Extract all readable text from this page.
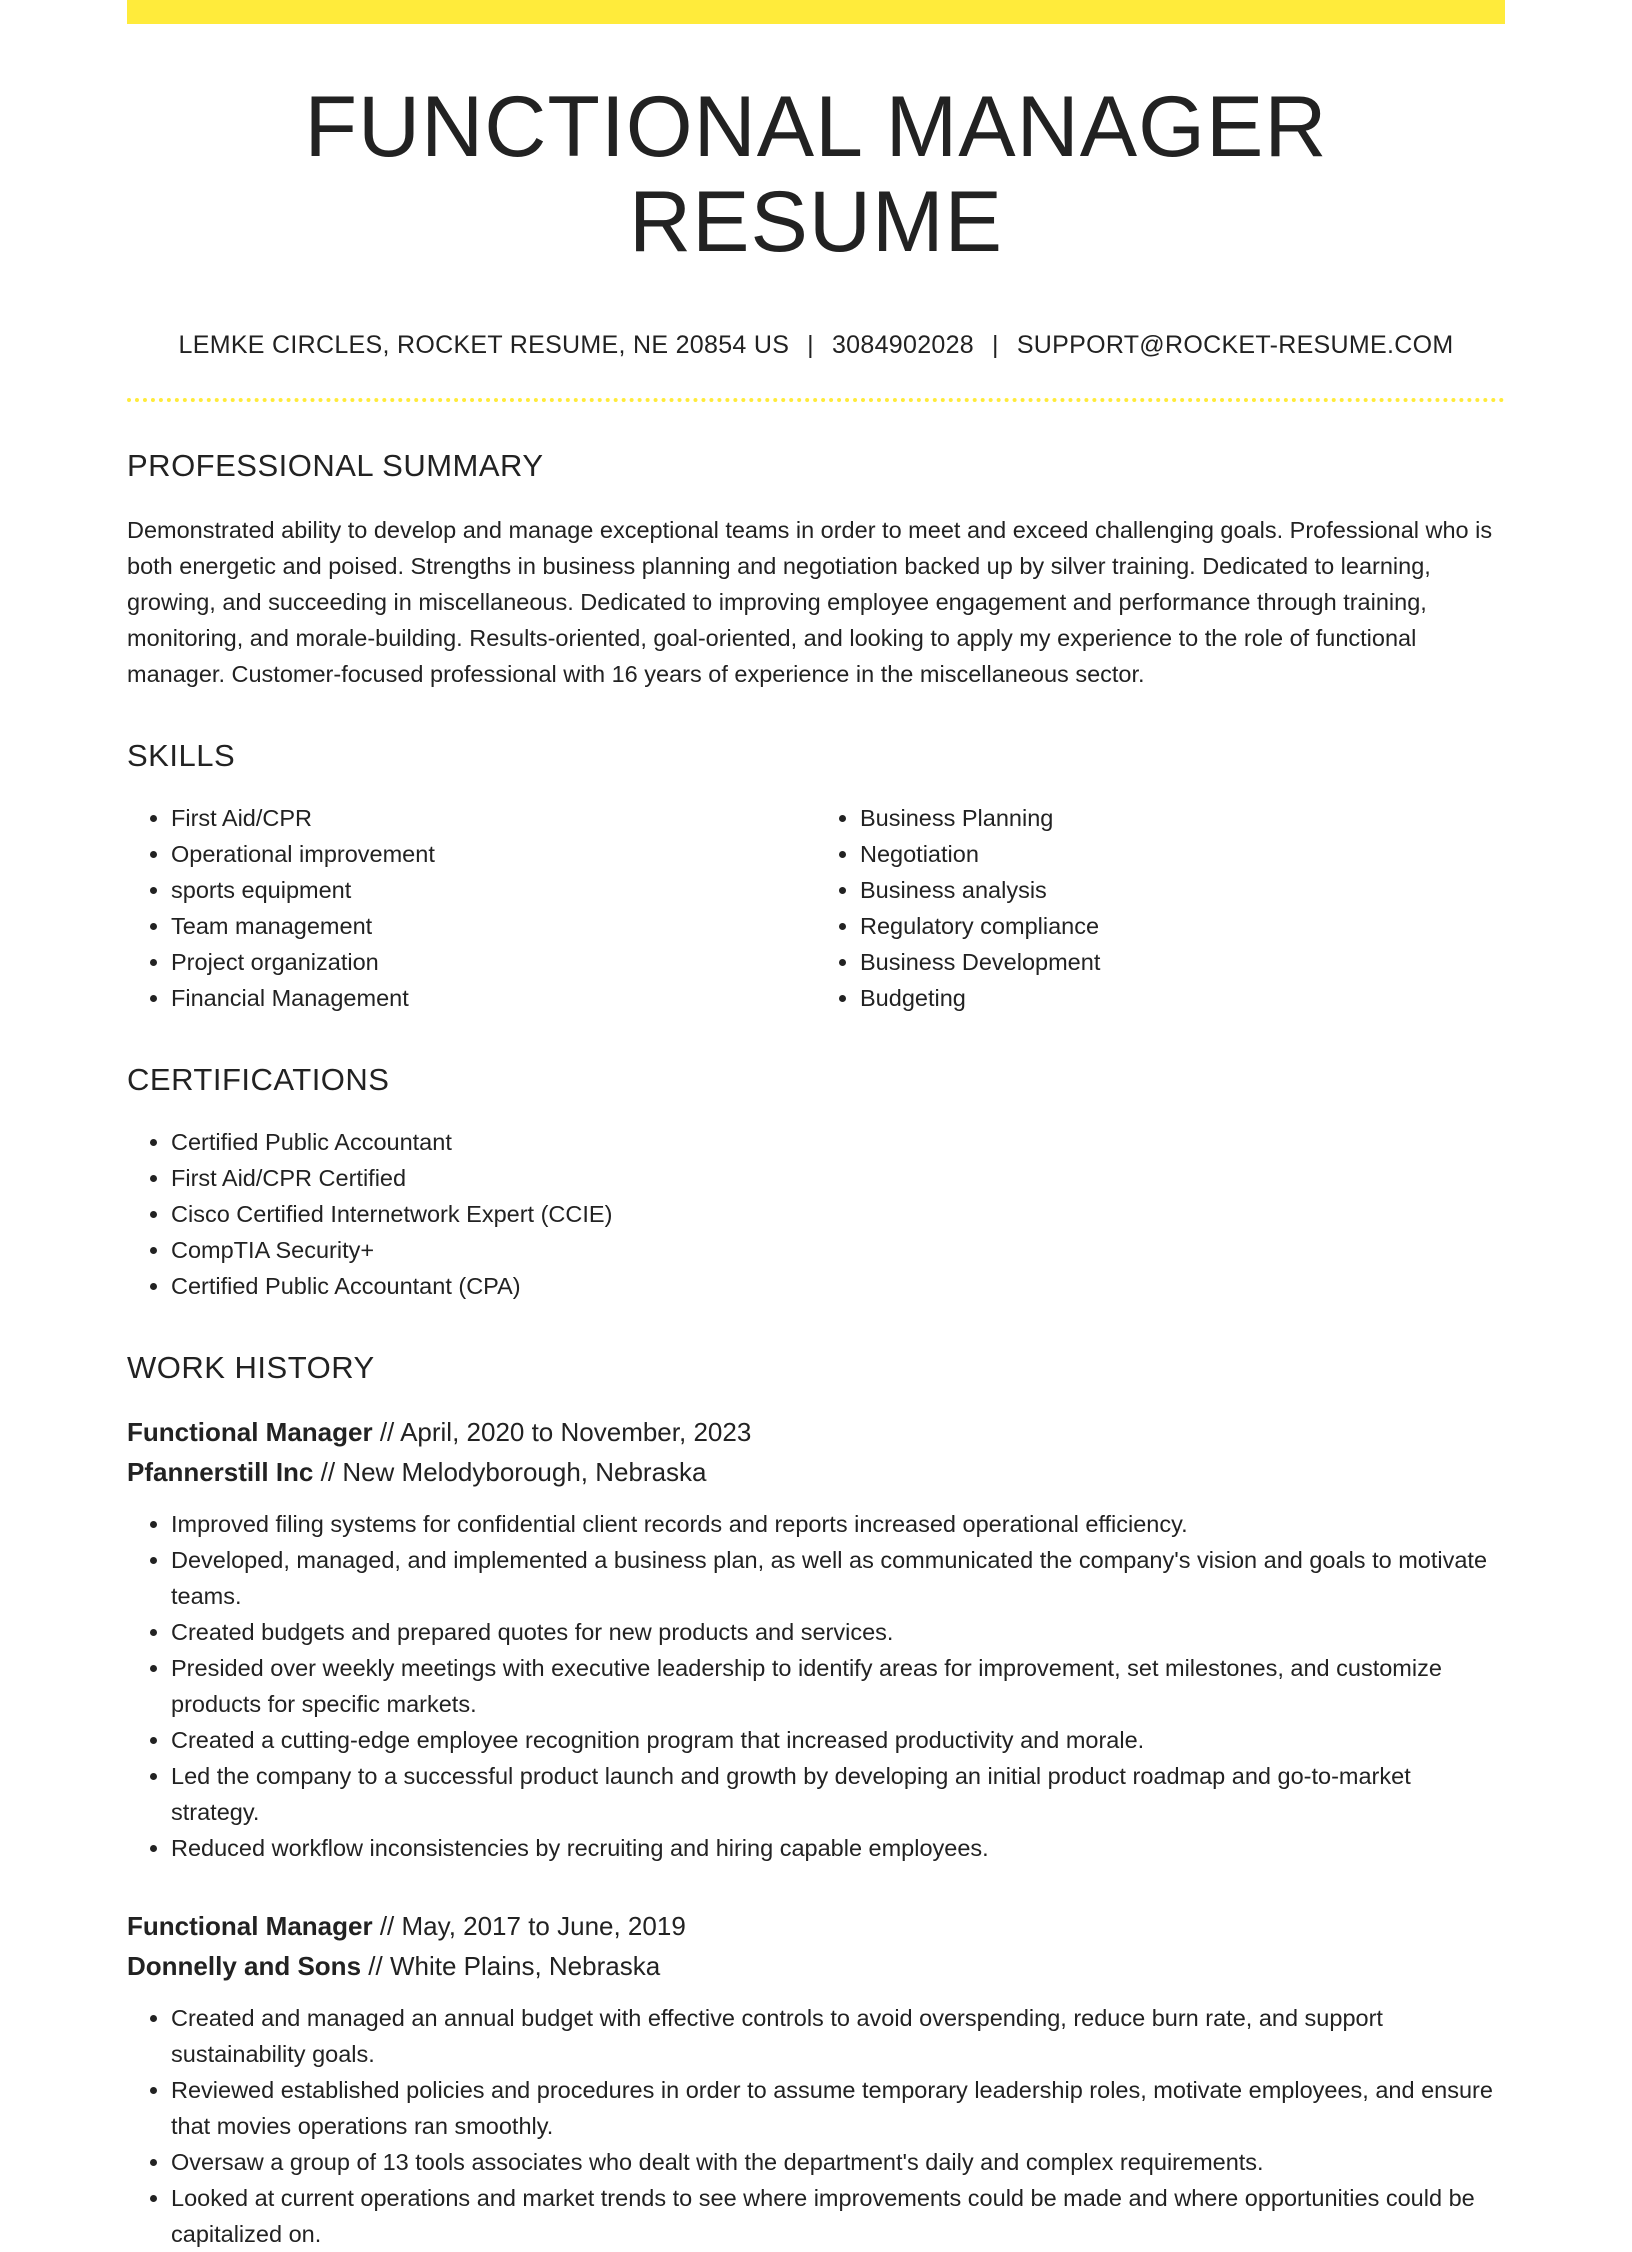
FUNCTIONAL MANAGER RESUME
LEMKE CIRCLES, ROCKET RESUME, NE 20854 US | 3084902028 | SUPPORT@ROCKET-RESUME.COM
PROFESSIONAL SUMMARY

Demonstrated ability to develop and manage exceptional teams in order to meet and exceed challenging goals. Professional who is both energetic and poised. Strengths in business planning and negotiation backed up by silver training. Dedicated to learning, growing, and succeeding in miscellaneous. Dedicated to improving employee engagement and performance through training, monitoring, and morale-building. Results-oriented, goal-oriented, and looking to apply my experience to the role of functional manager. Customer-focused professional with 16 years of experience in the miscellaneous sector.

SKILLS
• First Aid/CPR
• Operational improvement
• sports equipment
• Team management
• Project organization
• Financial Management
• Business Planning
• Negotiation
• Business analysis
• Regulatory compliance
• Business Development
• Budgeting
CERTIFICATIONS
• Certified Public Accountant
• First Aid/CPR Certified
• Cisco Certified Internetwork Expert (CCIE)
• CompTIA Security+
• Certified Public Accountant (CPA)
WORK HISTORY
Functional Manager // April, 2020 to November, 2023
Pfannerstill Inc // New Melodyborough, Nebraska
• Improved filing systems for confidential client records and reports increased operational efficiency.
• Developed, managed, and implemented a business plan, as well as communicated the company's vision and goals to motivate teams.
• Created budgets and prepared quotes for new products and services.
• Presided over weekly meetings with executive leadership to identify areas for improvement, set milestones, and customize products for specific markets.
• Created a cutting-edge employee recognition program that increased productivity and morale.
• Led the company to a successful product launch and growth by developing an initial product roadmap and go-to-market strategy.
• Reduced workflow inconsistencies by recruiting and hiring capable employees.
Functional Manager // May, 2017 to June, 2019
Donnelly and Sons // White Plains, Nebraska
• Created and managed an annual budget with effective controls to avoid overspending, reduce burn rate, and support sustainability goals.
• Reviewed established policies and procedures in order to assume temporary leadership roles, motivate employees, and ensure that movies operations ran smoothly.
• Oversaw a group of 13 tools associates who dealt with the department's daily and complex requirements.
• Looked at current operations and market trends to see where improvements could be made and where opportunities could be capitalized on.
